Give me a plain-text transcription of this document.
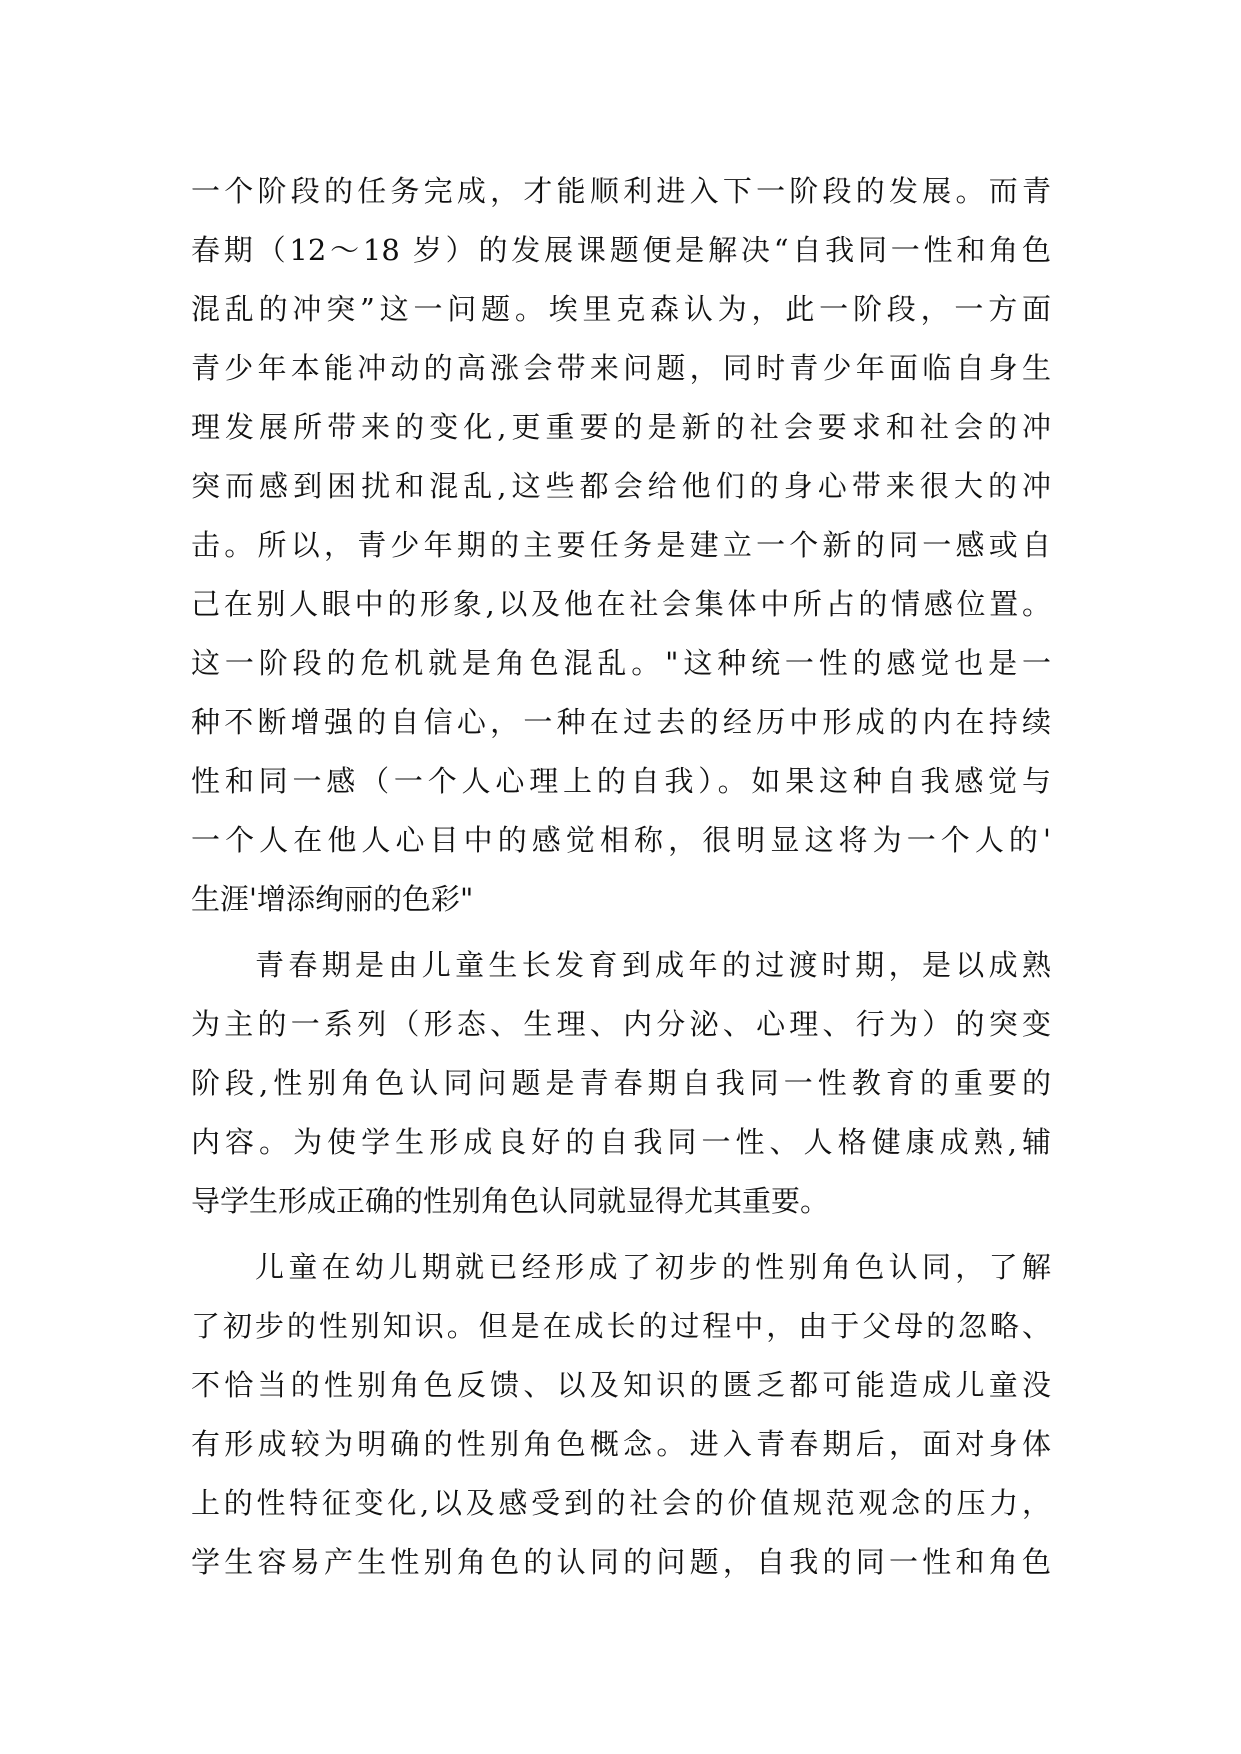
一个阶段的任务完成，才能顺利进入下一阶段的发展。而青
春期（12～18 岁）的发展课题便是解决“自我同一性和角色
混乱的冲突”这一问题。埃里克森认为，此一阶段，一方面
青少年本能冲动的高涨会带来问题，同时青少年面临自身生
理发展所带来的变化,更重要的是新的社会要求和社会的冲
突而感到困扰和混乱,这些都会给他们的身心带来很大的冲
击。所以，青少年期的主要任务是建立一个新的同一感或自
己在别人眼中的形象,以及他在社会集体中所占的情感位置。
这一阶段的危机就是角色混乱。"这种统一性的感觉也是一
种不断增强的自信心，一种在过去的经历中形成的内在持续
性和同一感（一个人心理上的自我）。如果这种自我感觉与
一个人在他人心目中的感觉相称，很明显这将为一个人的'
生涯'增添绚丽的色彩"
青春期是由儿童生长发育到成年的过渡时期，是以成熟
为主的一系列（形态、生理、内分泌、心理、行为）的突变
阶段,性别角色认同问题是青春期自我同一性教育的重要的
内容。为使学生形成良好的自我同一性、人格健康成熟,辅
导学生形成正确的性别角色认同就显得尤其重要。
儿童在幼儿期就已经形成了初步的性别角色认同，了解
了初步的性别知识。但是在成长的过程中，由于父母的忽略、
不恰当的性别角色反馈、以及知识的匮乏都可能造成儿童没
有形成较为明确的性别角色概念。进入青春期后，面对身体
上的性特征变化,以及感受到的社会的价值规范观念的压力，
学生容易产生性别角色的认同的问题，自我的同一性和角色
